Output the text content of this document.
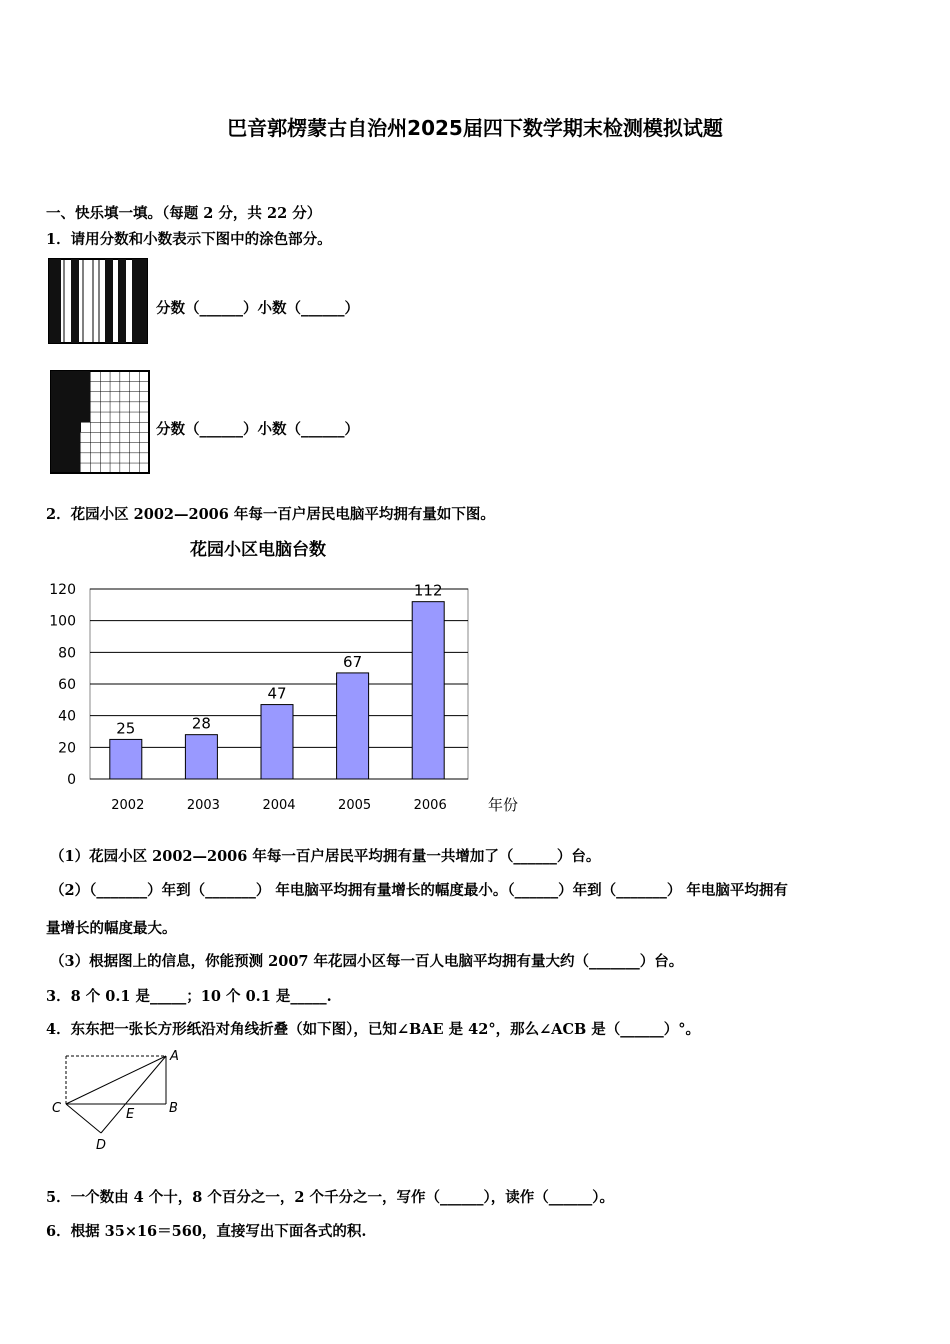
巴音郭楞蒙古自治州2025届四下数学期末检测模拟试题
一、快乐填一填。（每题 2 分，共 22 分）
1．请用分数和小数表示下图中的涂色部分。
分数（______）小数（______）
分数（______）小数（______）
2．花园小区 2002—2006 年每一百户居民电脑平均拥有量如下图。
花园小区电脑台数
0
20
40
60
80
100
120
25
2002
28
2003
47
2004
67
2005
112
2006	年份
（1）花园小区 2002—2006 年每一百户居民平均拥有量一共增加了（______）台。
（2）（_______）年到（_______） 年电脑平均拥有量增长的幅度最小。（______）年到（_______） 年电脑平均拥有
量增长的幅度最大。
（3）根据图上的信息，你能预测 2007 年花园小区每一百人电脑平均拥有量大约（_______）台。
3．8 个 0.1 是_____；10 个 0.1 是_____.
4．东东把一张长方形纸沿对角线折叠（如下图），已知∠BAE 是 42°，那么∠ACB 是（______）°。
A
B
C
D
E
5．一个数由 4 个十，8 个百分之一，2 个千分之一，写作（______），读作（______）。
6．根据 35×16＝560，直接写出下面各式的积.
